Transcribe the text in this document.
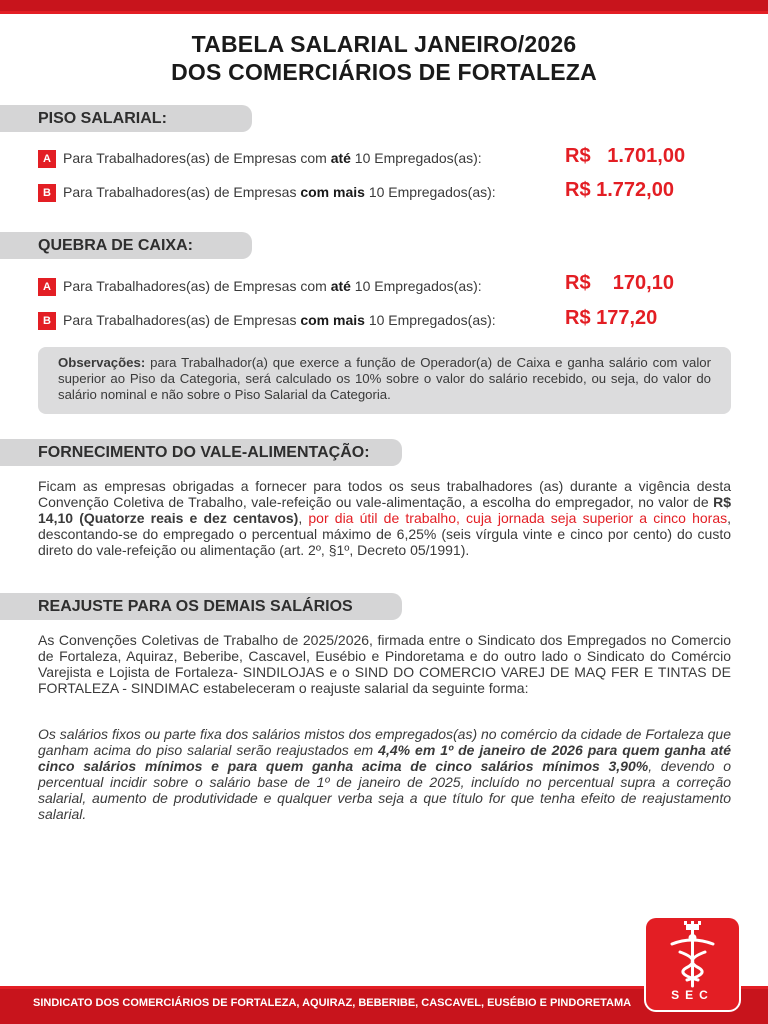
TABELA SALARIAL JANEIRO/2026
DOS COMERCIÁRIOS DE FORTALEZA
PISO SALARIAL:
A Para Trabalhadores(as) de Empresas com até 10 Empregados(as):	R$   1.701,00
B Para Trabalhadores(as) de Empresas com mais 10 Empregados(as):	R$ 1.772,00
QUEBRA DE CAIXA:
A Para Trabalhadores(as) de Empresas com até 10 Empregados(as):	R$    170,10
B Para Trabalhadores(as) de Empresas com mais 10 Empregados(as):	R$ 177,20
Observações: para Trabalhador(a) que exerce a função de Operador(a) de Caixa e ganha salário com valor superior ao Piso da Categoria, será calculado os 10% sobre o valor do salário recebido, ou seja, do valor do salário nominal e não sobre o Piso Salarial da Categoria.
FORNECIMENTO DO VALE-ALIMENTAÇÃO:
Ficam as empresas obrigadas a fornecer para todos os seus trabalhadores (as) durante a vigência desta Convenção Coletiva de Trabalho, vale-refeição ou vale-alimentação, a escolha do empregador, no valor de R$ 14,10 (Quatorze reais e dez centavos), por dia útil de trabalho, cuja jornada seja superior a cinco horas, descontando-se do empregado o percentual máximo de 6,25% (seis vírgula vinte e cinco por cento) do custo direto do vale-refeição ou alimentação (art. 2º, §1º, Decreto 05/1991).
REAJUSTE PARA OS DEMAIS SALÁRIOS
As Convenções Coletivas de Trabalho de 2025/2026, firmada entre o Sindicato dos Empregados no Comercio de Fortaleza, Aquiraz, Beberibe, Cascavel, Eusébio e Pindoretama e do outro lado o Sindicato do Comércio Varejista e Lojista de Fortaleza- SINDILOJAS e o SIND DO COMERCIO VAREJ DE MAQ FER E TINTAS DE FORTALEZA - SINDIMAC estabeleceram o reajuste salarial da seguinte forma:
Os salários fixos ou parte fixa dos salários mistos dos empregados(as) no comércio da cidade de Fortaleza que ganham acima do piso salarial serão reajustados em 4,4% em 1º de janeiro de 2026 para quem ganha até cinco salários mínimos e para quem ganha acima de cinco salários mínimos 3,90%, devendo o percentual incidir sobre o salário base de 1º de janeiro de 2025, incluído no percentual supra a correção salarial, aumento de produtividade e qualquer verba seja a que título for que tenha efeito de reajustamento salarial.
SINDICATO DOS COMERCIÁRIOS DE FORTALEZA, AQUIRAZ, BEBERIBE, CASCAVEL, EUSÉBIO E PINDORETAMA
SEC
